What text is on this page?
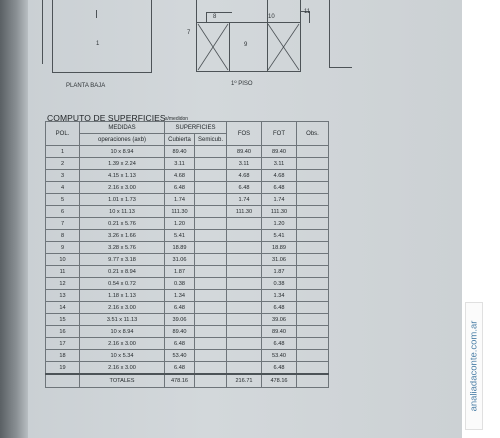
1
PLANTA BAJA
8
7
9
10
11
1º PISO
COMPUTO DE SUPERFICIES s/medidon
POL.	MEDIDAS	SUPERFICIES		FOS	FOT	Obs.
	operaciones (axb)	Cubierta	Semicub.			
1	10 x 8.94	89.40		89.40	89.40	
2	1.39 x 2.24	3.11		3.11	3.11	
3	4.15 x 1.13	4.68		4.68	4.68	
4	2.16 x 3.00	6.48		6.48	6.48	
5	1.01 x 1.73	1.74		1.74	1.74	
6	10 x 11.13	111.30		111.30	111.30	
7	0.21 x 5.76	1.20			1.20	
8	3.26 x 1.66	5.41			5.41	
9	3.28 x 5.76	18.89			18.89	
10	9.77 x 3.18	31.06			31.06	
11	0.21 x 8.94	1.87			1.87	
12	0.54 x 0.72	0.38			0.38	
13	1.18 x 1.13	1.34			1.34	
14	2.16 x 3.00	6.48			6.48	
15	3.51 x 11.13	39.06			39.06	
16	10 x 8.94	89.40			89.40	
17	2.16 x 3.00	6.48			6.48	
18	10 x 5.34	53.40			53.40	
19	2.16 x 3.00	6.48			6.48	
	TOTALES	478.16		216.71	478.16		analiadaconte.com.ar
